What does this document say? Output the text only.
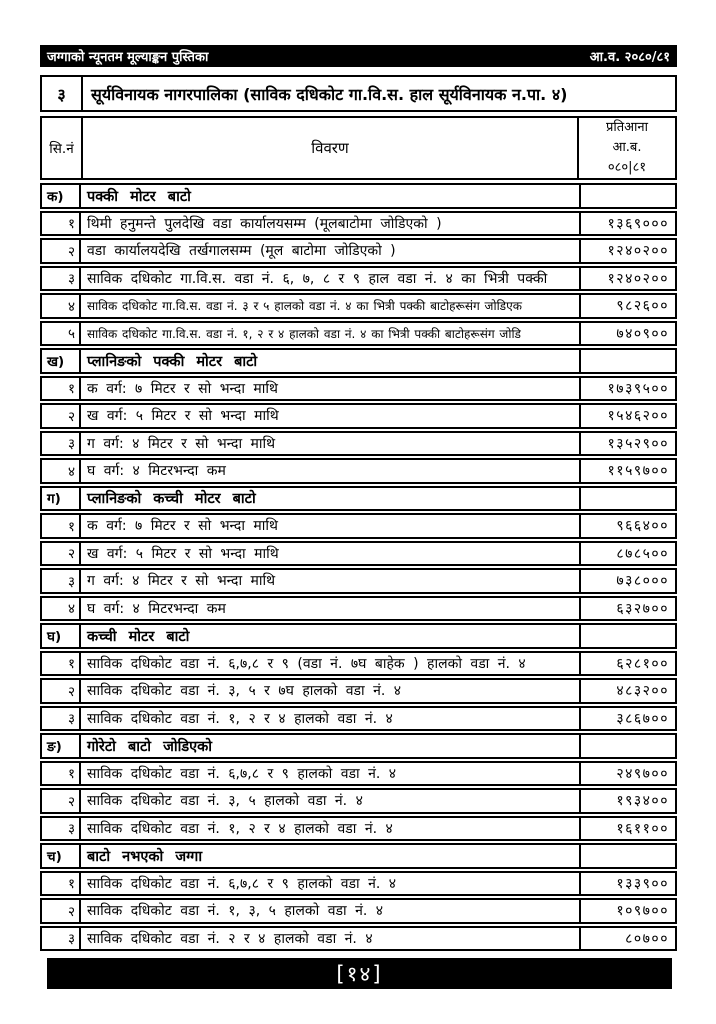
जग्गाको न्यूनतम मूल्याङ्कन पुस्तिका	आ.व. २०८०/८१
३	सूर्यविनायक नागरपालिका (साविक दधिकोट गा.वि.स. हाल सूर्यविनायक न.पा. ४)
सि.नं	विवरण
प्रतिआना
आ.ब.
०८०|८१
क)	पक्की मोटर बाटो
१ थिमी हनुमन्ते पुलदेखि वडा कार्यालयसम्म (मूलबाटोमा जोडिएको )	१३६९०००
२ वडा कार्यालयदेखि तर्खगालसम्म (मूल बाटोमा जोडिएको )	१२४०२००
३ साविक दधिकोट गा.वि.स. वडा नं. ६, ७, ८ र ९ हाल वडा नं. ४ का भित्री पक्की	१२४०२००
४	साविक दधिकोट गा.वि.स. वडा नं. ३ र ५ हालको वडा नं. ४ का भित्री पक्की बाटोहरूसंग जोडिएक	९८२६००
५	साविक दधिकोट गा.वि.स. वडा नं. १, २ र ४ हालको वडा नं. ४ का भित्री पक्की बाटोहरूसंग जोडि	७४०९००
ख)	प्लानिङको पक्की मोटर बाटो
१ क वर्ग: ७ मिटर र सो भन्दा माथि	१७३९५००
२ ख वर्ग: ५ मिटर र सो भन्दा माथि	१५४६२००
३ ग वर्ग: ४ मिटर र सो भन्दा माथि	१३५२९००
४ घ वर्ग: ४ मिटरभन्दा कम	११५९७००
ग)	प्लानिङको कच्ची मोटर बाटो
१ क वर्ग: ७ मिटर र सो भन्दा माथि	९६६४००
२ ख वर्ग: ५ मिटर र सो भन्दा माथि	८७८५००
३ ग वर्ग: ४ मिटर र सो भन्दा माथि	७३८०००
४ घ वर्ग: ४ मिटरभन्दा कम	६३२७००
घ)	कच्ची मोटर बाटो
१ साविक दधिकोट वडा नं. ६,७,८ र ९ (वडा नं. ७घ बाहेक ) हालको वडा नं. ४	६२८१००
२ साविक दधिकोट वडा नं. ३, ५ र ७घ हालको वडा नं. ४	४८३२००
३ साविक दधिकोट वडा नं. १, २ र ४ हालको वडा नं. ४	३८६७००
ङ)	गोरेटो बाटो जोडिएको
१ साविक दधिकोट वडा नं. ६,७,८ र ९ हालको वडा नं. ४	२४९७००
२ साविक दधिकोट वडा नं. ३, ५ हालको वडा नं. ४	१९३४००
३ साविक दधिकोट वडा नं. १, २ र ४ हालको वडा नं. ४	१६११००
च)	बाटो नभएको जग्गा
१ साविक दधिकोट वडा नं. ६,७,८ र ९ हालको वडा नं. ४	१३३९००
२ साविक दधिकोट वडा नं. १, ३, ५ हालको वडा नं. ४	१०९७००
३ साविक दधिकोट वडा नं. २ र ४ हालको वडा नं. ४	८०७००
[१४]
